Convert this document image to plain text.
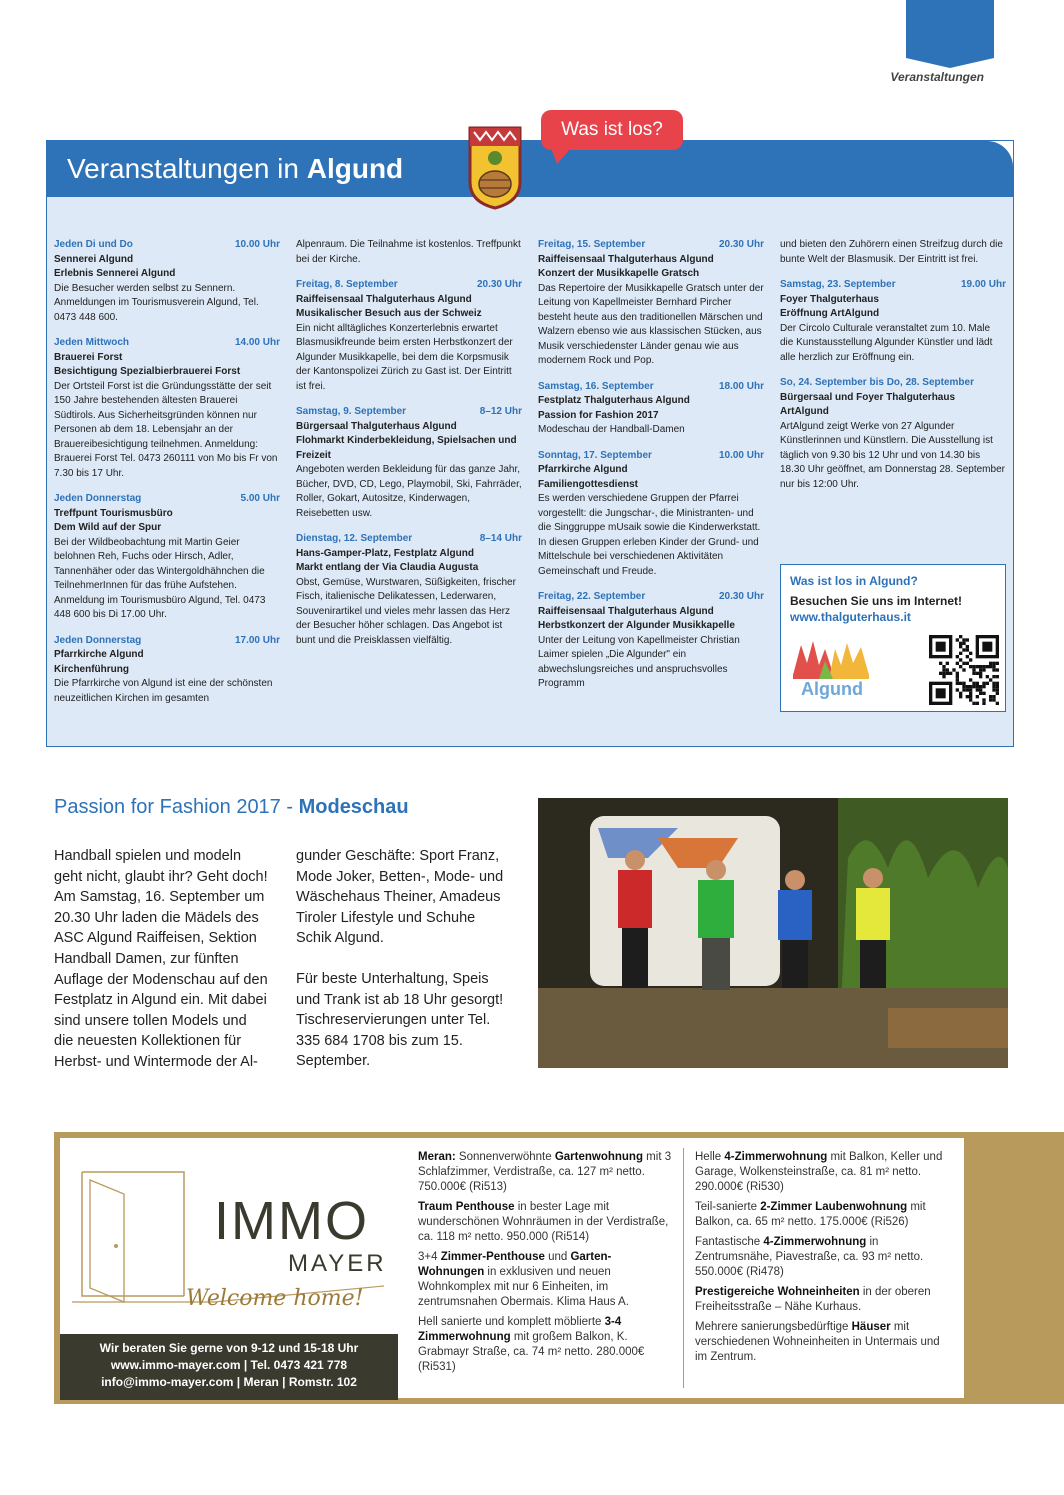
Veranstaltungen
Veranstaltungen in Algund
Was ist los?
Jeden Di und Do	10.00 Uhr
Sennerei Algund
Erlebnis Sennerei Algund
Die Besucher werden selbst zu Sennern. Anmeldungen im Tourismusverein Algund, Tel. 0473 448 600.
Jeden Mittwoch	14.00 Uhr
Brauerei Forst
Besichtigung Spezialbierbrauerei Forst
Der Ortsteil Forst ist die Gründungsstätte der seit 150 Jahre bestehenden ältesten Brauerei Südtirols. Aus Sicherheitsgründen können nur Personen ab dem 18. Lebensjahr an der Brauereibesichtigung teilnehmen. Anmeldung: Brauerei Forst Tel. 0473 260111 von Mo bis Fr von 7.30 bis 17 Uhr.
Jeden Donnerstag	5.00 Uhr
Treffpunt Tourismusbüro
Dem Wild auf der Spur
Bei der Wildbeobachtung mit Martin Geier belohnen Reh, Fuchs oder Hirsch, Adler, Tannenhäher oder das Wintergoldhähnchen die TeilnehmerInnen für das frühe Aufstehen. Anmeldung im Tourismusbüro Algund, Tel. 0473 448 600 bis Di 17.00 Uhr.
Jeden Donnerstag	17.00 Uhr
Pfarrkirche Algund
Kirchenführung
Die Pfarrkirche von Algund ist eine der schönsten neuzeitlichen Kirchen im gesamten
Alpenraum. Die Teilnahme ist kostenlos. Treffpunkt bei der Kirche.
Freitag, 8. September	20.30 Uhr
Raiffeisensaal Thalguterhaus Algund
Musikalischer Besuch aus der Schweiz
Ein nicht alltägliches Konzerterlebnis erwartet Blasmusikfreunde beim ersten Herbstkonzert der Algunder Musikkapelle, bei dem die Korpsmusik der Kantonspolizei Zürich zu Gast ist. Der Eintritt ist frei.
Samstag, 9. September	8–12 Uhr
Bürgersaal Thalguterhaus Algund
Flohmarkt Kinderbekleidung, Spielsachen und Freizeit
Angeboten werden Bekleidung für das ganze Jahr, Bücher, DVD, CD, Lego, Playmobil, Ski, Fahrräder, Roller, Gokart, Autositze, Kinderwagen, Reisebetten usw.
Dienstag, 12. September	8–14 Uhr
Hans-Gamper-Platz, Festplatz Algund
Markt entlang der Via Claudia Augusta
Obst, Gemüse, Wurstwaren, Süßigkeiten, frischer Fisch, italienische Delikatessen, Lederwaren, Souvenirartikel und vieles mehr lassen das Herz der Besucher höher schlagen. Das Angebot ist bunt und die Preisklassen vielfältig.
Freitag, 15. September	20.30 Uhr
Raiffeisensaal Thalguterhaus Algund
Konzert der Musikkapelle Gratsch
Das Repertoire der Musikkapelle Gratsch unter der Leitung von Kapellmeister Bernhard Pircher besteht heute aus den traditionellen Märschen und Walzern ebenso wie aus klassischen Stücken, aus Musik verschiedenster Länder genau wie aus modernem Rock und Pop.
Samstag, 16. September	18.00 Uhr
Festplatz Thalguterhaus Algund
Passion for Fashion 2017
Modeschau der Handball-Damen
Sonntag, 17. September	10.00 Uhr
Pfarrkirche Algund
Familiengottesdienst
Es werden verschiedene Gruppen der Pfarrei vorgestellt: die Jungschar-, die Ministranten- und die Singgruppe mUsaik sowie die Kinderwerkstatt. In diesen Gruppen erleben Kinder der Grund- und Mittelschule bei verschiedenen Aktivitäten Gemeinschaft und Freude.
Freitag, 22. September	20.30 Uhr
Raiffeisensaal Thalguterhaus Algund
Herbstkonzert der Algunder Musikkapelle
Unter der Leitung von Kapellmeister Christian Laimer spielen „Die Algunder" ein abwechslungsreiches und anspruchsvolles Programm
und bieten den Zuhörern einen Streifzug durch die bunte Welt der Blasmusik. Der Eintritt ist frei.
Samstag, 23. September	19.00 Uhr
Foyer Thalguterhaus
Eröffnung ArtAlgund
Der Circolo Culturale veranstaltet zum 10. Male die Kunstausstellung Algunder Künstler und lädt alle herzlich zur Eröffnung ein.
So, 24. September bis Do, 28. September
Bürgersaal und Foyer Thalguterhaus
ArtAlgund
ArtAlgund zeigt Werke von 27 Algunder Künstlerinnen und Künstlern. Die Ausstellung ist täglich von 9.30 bis 12 Uhr und von 14.30 bis 18.30 Uhr geöffnet, am Donnerstag 28. September nur bis 12:00 Uhr.
Was ist los in Algund?
Besuchen Sie uns im Internet!
www.thalguterhaus.it
Algund
Passion for Fashion 2017 - Modeschau
Handball spielen und modeln geht nicht, glaubt ihr? Geht doch! Am Samstag, 16. September um 20.30 Uhr laden die Mädels des ASC Algund Raiffeisen, Sektion Handball Damen, zur fünften Auflage der Modenschau auf den Festplatz in Algund ein. Mit dabei sind unsere tollen Models und die neuesten Kollektionen für Herbst- und Wintermode der Al-
gunder Geschäfte: Sport Franz, Mode Joker, Betten-, Mode- und Wäschehaus Theiner, Amadeus Tiroler Lifestyle und Schuhe Schik Algund.
Für beste Unterhaltung, Speis und Trank ist ab 18 Uhr gesorgt! Tischreservierungen unter Tel. 335 684 1708 bis zum 15. September.
IMMO
MAYER
Welcome home!
Wir beraten Sie gerne von 9-12 und 15-18 Uhr
www.immo-mayer.com | Tel. 0473 421 778
info@immo-mayer.com | Meran | Romstr. 102
Meran: Sonnenverwöhnte Gartenwohnung mit 3 Schlafzimmer, Verdistraße, ca. 127 m² netto. 750.000€ (Ri513)
Traum Penthouse in bester Lage mit wunderschönen Wohnräumen in der Verdistraße, ca. 118 m² netto. 950.000 (Ri514)
3+4 Zimmer-Penthouse und Garten-Wohnungen in exklusiven und neuen Wohnkomplex mit nur 6 Einheiten, im zentrumsnahen Obermais. Klima Haus A.
Hell sanierte und komplett möblierte 3-4 Zimmerwohnung mit großem Balkon, K. Grabmayr Straße, ca. 74 m² netto. 280.000€ (Ri531)
Helle 4-Zimmerwohnung mit Balkon, Keller und Garage, Wolkensteinstraße, ca. 81 m² netto. 290.000€ (Ri530)
Teil-sanierte 2-Zimmer Laubenwohnung mit Balkon, ca. 65 m² netto. 175.000€ (Ri526)
Fantastische 4-Zimmerwohnung in Zentrumsnähe, Piavestraße, ca. 93 m² netto. 550.000€ (Ri478)
Prestigereiche Wohneinheiten in der oberen Freiheitsstraße – Nähe Kurhaus.
Mehrere sanierungsbedürftige Häuser mit verschiedenen Wohneinheiten in Untermais und im Zentrum.
